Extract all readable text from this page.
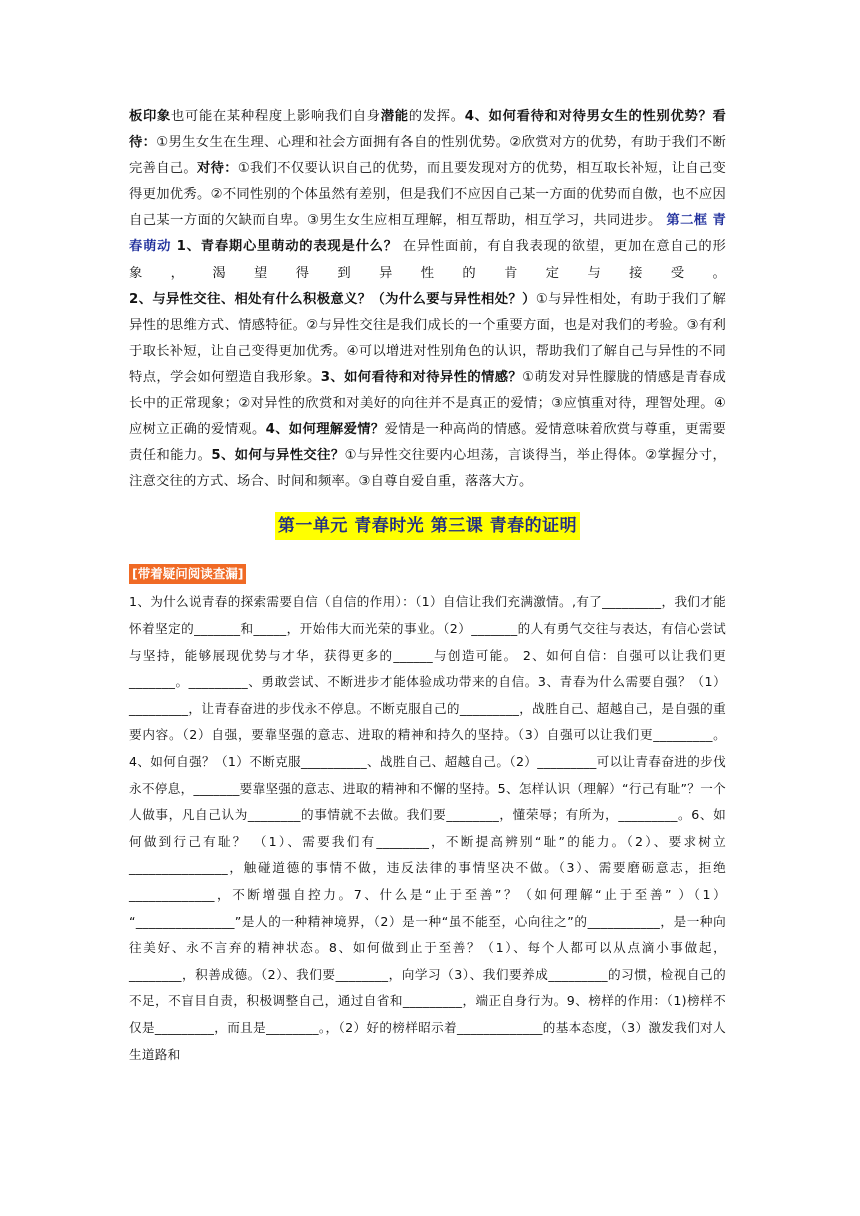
板印象也可能在某种程度上影响我们自身潜能的发挥。4、如何看待和对待男女生的性别优势？看待：①男生女生在生理、心理和社会方面拥有各自的性别优势。②欣赏对方的优势，有助于我们不断完善自己。对待：①我们不仅要认识自己的优势，而且要发现对方的优势，相互取长补短，让自己变得更加优秀。②不同性别的个体虽然有差别，但是我们不应因自己某一方面的优势而自傲，也不应因自己某一方面的欠缺而自卑。③男生女生应相互理解，相互帮助，相互学习，共同进步。 第二框 青春萌动 1、青春期心里萌动的表现是什么？ 在异性面前，有自我表现的欲望，更加在意自己的形象，渴望得到异性的肯定与接受。2、与异性交往、相处有什么积极意义？（为什么要与异性相处？）①与异性相处，有助于我们了解异性的思维方式、情感特征。②与异性交往是我们成长的一个重要方面，也是对我们的考验。③有利于取长补短，让自己变得更加优秀。④可以增进对性别角色的认识，帮助我们了解自己与异性的不同特点，学会如何塑造自我形象。3、如何看待和对待异性的情感？①萌发对异性朦胧的情感是青春成长中的正常现象；②对异性的欣赏和对美好的向往并不是真正的爱情；③应慎重对待，理智处理。④应树立正确的爱情观。4、如何理解爱情？爱情是一种高尚的情感。爱情意味着欣赏与尊重，更需要责任和能力。5、如何与异性交往？①与异性交往要内心坦荡，言谈得当，举止得体。②掌握分寸，注意交往的方式、场合、时间和频率。③自尊自爱自重，落落大方。

第一单元 青春时光 第三课 青春的证明
[带着疑问阅读查漏]

1、为什么说青春的探索需要自信（自信的作用）：（1）自信让我们充满激情。,有了_________，我们才能怀着坚定的_______和_____，开始伟大而光荣的事业。（2）_______的人有勇气交往与表达，有信心尝试与坚持，能够展现优势与才华，获得更多的______与创造可能。 2、如何自信：自强可以让我们更_______。_________、勇敢尝试、不断进步才能体验成功带来的自信。3、青春为什么需要自强？（1）_________，让青春奋进的步伐永不停息。不断克服自己的_________，战胜自己、超越自己，是自强的重要内容。（2）自强，要靠坚强的意志、进取的精神和持久的坚持。（3）自强可以让我们更_________。4、如何自强？（1）不断克服__________、战胜自己、超越自己。（2）_________可以让青春奋进的步伐永不停息，_______要靠坚强的意志、进取的精神和不懈的坚持。5、怎样认识（理解）“行己有耻”？一个人做事，凡自己认为________的事情就不去做。我们要________，懂荣辱；有所为，_________。6、如何做到行己有耻？ （1）、需要我们有________，不断提高辨别“耻”的能力。（2）、要求树立_______________，触碰道德的事情不做，违反法律的事情坚决不做。（3）、需要磨砺意志，拒绝_____________，不断增强自控力。7、什么是“止于至善”？（如何理解“止于至善” ）（1） “_______________”是人的一种精神境界，（2）是一种“虽不能至，心向往之”的___________，是一种向往美好、永不言弃的精神状态。8、如何做到止于至善？（1）、每个人都可以从点滴小事做起，________，积善成德。（2）、我们要________，向学习（3）、我们要养成_________的习惯，检视自己的不足，不盲目自责，积极调整自己，通过自省和_________，端正自身行为。9、榜样的作用：（1)榜样不仅是_________，而且是________。，（2）好的榜样昭示着_____________的基本态度，（3）激发我们对人生道路和
